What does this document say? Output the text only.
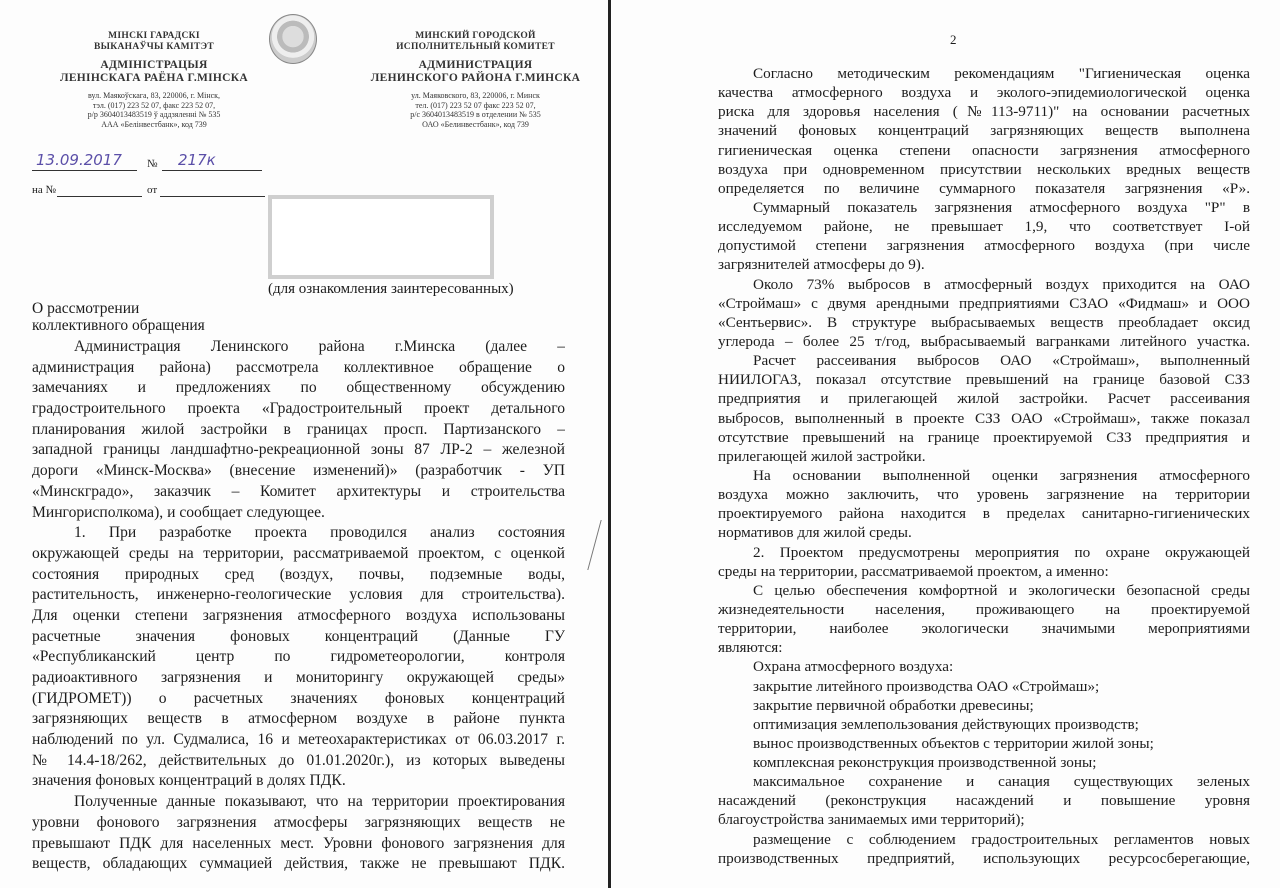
МІНСКІ ГАРАДСКІ
ВЫКАНАЎЧЫ КАМІТЭТ
АДМІНІСТРАЦЫЯ
ЛЕНІНСКАГА РАЁНА Г.МІНСКА
вул. Маякоўскага, 83, 220006, г. Мінск,
тэл. (017) 223 52 07, факс 223 52 07,
р/р 3604013483519 ў аддзяленні № 535
ААА «Белінвестбанк», код 739
МИНСКИЙ ГОРОДСКОЙ
ИСПОЛНИТЕЛЬНЫЙ КОМИТЕТ
АДМИНИСТРАЦИЯ
ЛЕНИНСКОГО РАЙОНА Г.МИНСКА
ул. Маяковского, 83, 220006, г. Минск
тел. (017) 223 52 07 факс 223 52 07,
р/с 3604013483519 в отделении № 535
ОАО «Белинвестбанк», код 739
13.09.2017 № 217к
на №	от
(для ознакомления заинтересованных)
О рассмотрении
коллективного обращения
Администрация Ленинского района г.Минска (далее –
администрация района) рассмотрела коллективное обращение о
замечаниях и предложениях по общественному обсуждению
градостроительного проекта «Градостроительный проект детального
планирования жилой застройки в границах просп. Партизанского –
западной границы ландшафтно-рекреационной зоны 87 ЛР-2 – железной
дороги «Минск-Москва» (внесение изменений)» (разработчик - УП
«Минскградо», заказчик – Комитет архитектуры и строительства
Мингорисполкома), и сообщает следующее.
1. При разработке проекта проводился анализ состояния
окружающей среды на территории, рассматриваемой проектом, с оценкой
состояния природных сред (воздух, почвы, подземные воды,
растительность, инженерно-геологические условия для строительства).
Для оценки степени загрязнения атмосферного воздуха использованы
расчетные значения фоновых концентраций (Данные ГУ
«Республиканский центр по гидрометеорологии, контроля
радиоактивного загрязнения и мониторингу окружающей среды»
(ГИДРОМЕТ)) о расчетных значениях фоновых концентраций
загрязняющих веществ в атмосферном воздухе в районе пункта
наблюдений по ул. Судмалиса, 16 и метеохарактеристиках от 06.03.2017 г.
№ 14.4-18/262, действительных до 01.01.2020г.), из которых выведены
значения фоновых концентраций в долях ПДК.
Полученные данные показывают, что на территории проектирования
уровни фонового загрязнения атмосферы загрязняющих веществ не
превышают ПДК для населенных мест. Уровни фонового загрязнения для
веществ, обладающих суммацией действия, также не превышают ПДК.
2
Согласно методическим рекомендациям "Гигиеническая оценка
качества атмосферного воздуха и эколого-эпидемиологической оценка
риска для здоровья населения (№113-9711)" на основании расчетных
значений фоновых концентраций загрязняющих веществ выполнена
гигиеническая оценка степени опасности загрязнения атмосферного
воздуха при одновременном присутствии нескольких вредных веществ
определяется по величине суммарного показателя загрязнения «Р».
Суммарный показатель загрязнения атмосферного воздуха "Р" в
исследуемом районе, не превышает 1,9, что соответствует I-ой
допустимой степени загрязнения атмосферного воздуха (при числе
загрязнителей атмосферы до 9).
Около 73% выбросов в атмосферный воздух приходится на ОАО
«Строймаш» с двумя арендными предприятиями СЗАО «Фидмаш» и ООО
«Сентьервис». В структуре выбрасываемых веществ преобладает оксид
углерода – более 25 т/год, выбрасываемый вагранками литейного участка.
Расчет рассеивания выбросов ОАО «Строймаш», выполненный
НИИЛОГАЗ, показал отсутствие превышений на границе базовой СЗЗ
предприятия и прилегающей жилой застройки. Расчет рассеивания
выбросов, выполненный в проекте СЗЗ ОАО «Строймаш», также показал
отсутствие превышений на границе проектируемой СЗЗ предприятия и
прилегающей жилой застройки.
На основании выполненной оценки загрязнения атмосферного
воздуха можно заключить, что уровень загрязнение на территории
проектируемого района находится в пределах санитарно-гигиенических
нормативов для жилой среды.
2. Проектом предусмотрены мероприятия по охране окружающей
среды на территории, рассматриваемой проектом, а именно:
С целью обеспечения комфортной и экологически безопасной среды
жизнедеятельности населения, проживающего на проектируемой
территории, наиболее экологически значимыми мероприятиями
являются:
Охрана атмосферного воздуха:
закрытие литейного производства ОАО «Строймаш»;
закрытие первичной обработки древесины;
оптимизация землепользования действующих производств;
вынос производственных объектов с территории жилой зоны;
комплексная реконструкция производственной зоны;
максимальное сохранение и санация существующих зеленых
насаждений (реконструкция насаждений и повышение уровня
благоустройства занимаемых ими территорий);
размещение с соблюдением градостроительных регламентов новых
производственных предприятий, использующих ресурсосберегающие,
